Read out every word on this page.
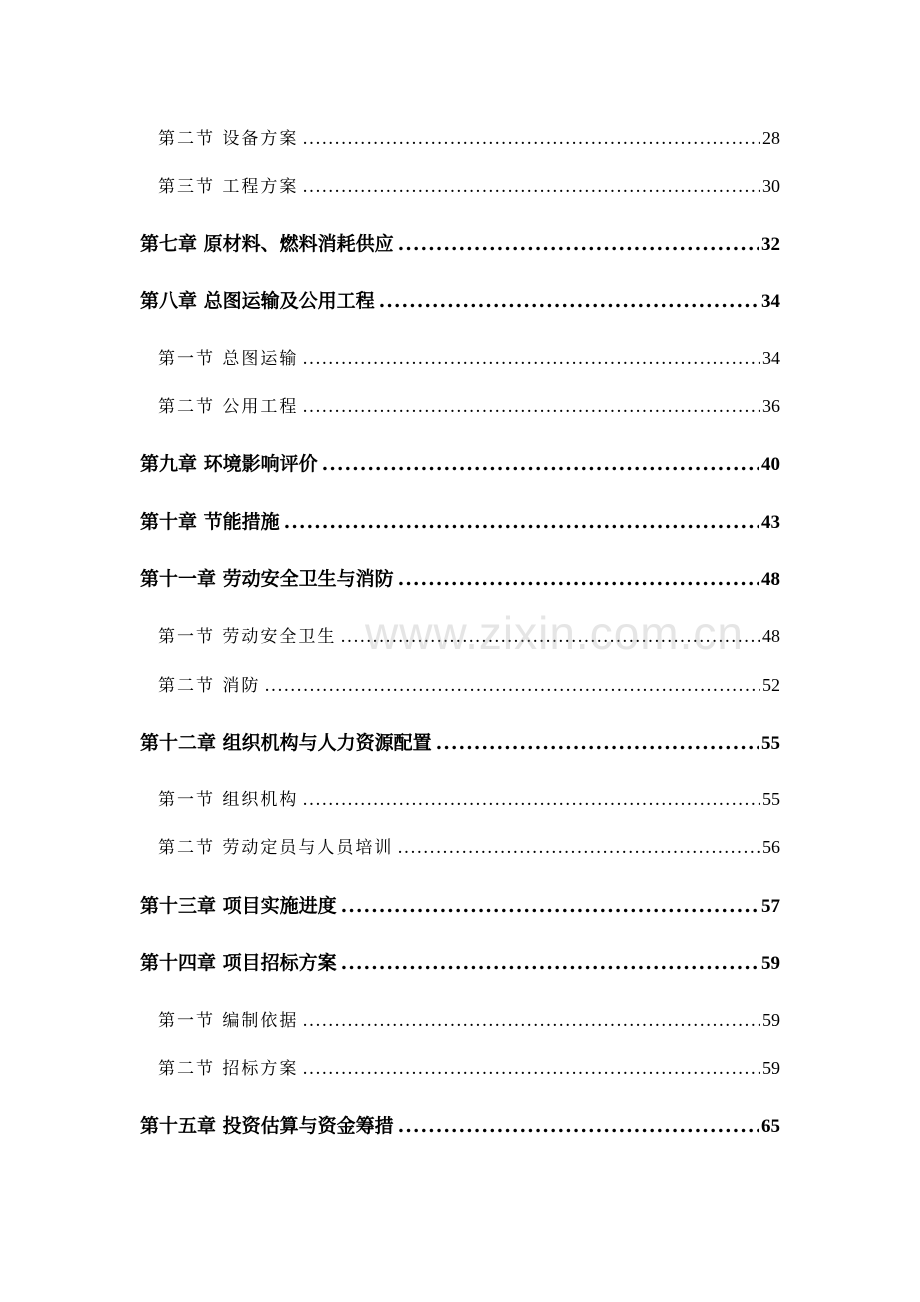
第二节 设备方案 .....	28
第三节 工程方案 .....	30
第七章 原材料、燃料消耗供应 .....	32
第八章 总图运输及公用工程 .....	34
第一节 总图运输 .....	34
第二节 公用工程 .....	36
第九章 环境影响评价 .....	40
第十章 节能措施 .....	43
第十一章 劳动安全卫生与消防 .....	48
第一节 劳动安全卫生 .....	48
第二节 消防 .....	52
第十二章 组织机构与人力资源配置 .....	55
第一节 组织机构 .....	55
第二节 劳动定员与人员培训 .....	56
第十三章 项目实施进度 .....	57
第十四章 项目招标方案 .....	59
第一节 编制依据 .....	59
第二节 招标方案 .....	59
第十五章 投资估算与资金筹措 .....	65
www.zixin.com.cn
